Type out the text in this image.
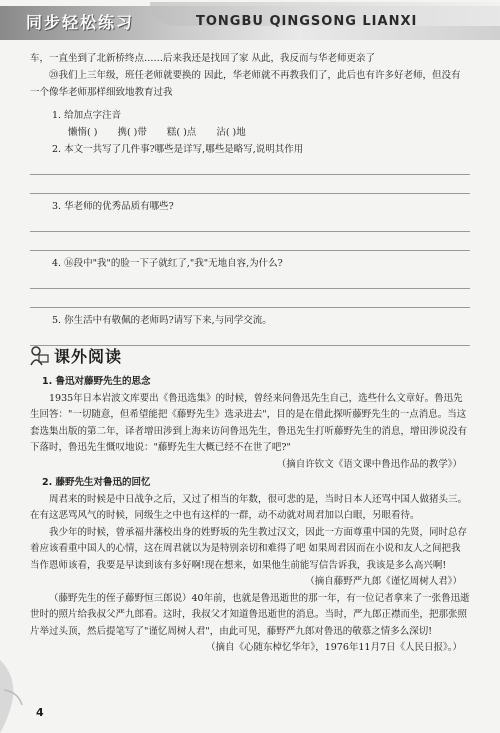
同步轻松练习	TONGBU QINGSONG LIANXI

车，一直坐到了北新桥终点……后来我还是找回了家 从此，我反而与华老师更亲了

⑳我们上三年级，班任老师就要换的 因此，华老师就不再教我们了，此后也有许多好老师，但没有一个像华老师那样细致地教育过我

1. 给加点字注音

懒惰( ) 携( )带 糕( )点 沾( )地

2. 本文一共写了几件事?哪些是详写,哪些是略写,说明其作用

3. 华老师的优秀品质有哪些?

4. ⑯段中"我"的脸一下子就红了,"我"无地自容,为什么?

5. 你生活中有敬佩的老师吗?请写下来,与同学交流。

课外阅读

1. 鲁迅对藤野先生的思念

1935年日本岩波文库要出《鲁迅选集》的时候，曾经来问鲁迅先生自己，选些什么文章好。鲁迅先生回答："一切随意，但希望能把《藤野先生》选录进去"，目的是在借此探听藤野先生的一点消息。当这套选集出版的第二年，译者增田涉到上海来访问鲁迅先生，鲁迅先生打听藤野先生的消息，增田涉说没有下落时，鲁迅先生慨叹地说："藤野先生大概已经不在世了吧?"

（摘自许钦文《语文课中鲁迅作品的教学》）

2. 藤野先生对鲁迅的回忆

周君来的时候是中日战争之后，又过了相当的年数，很可悲的是，当时日本人还骂中国人做猪头三。在有这恶骂风气的时候，同级生之中也有这样的一群，动不动就对周君加以白眼，另眼看待。

我少年的时候，曾承福井藩校出身的姓野坂的先生教过汉文，因此一方面尊重中国的先贤，同时总存着应该看重中国人的心情，这在周君就以为是特别亲切和难得了吧 如果周君因而在小说和友人之间把我当作恩师该看，我要是早读到该有多好啊!现在想来，如果他生前能写信告诉我，我该是多么高兴啊!

（摘自藤野严九郎《谨忆周树人君》）

（藤野先生的侄子藤野恒三郎说）40年前，也就是鲁迅逝世的那一年，有一位记者拿来了一张鲁迅逝世时的照片给我叔父严九郎看。这时，我叔父才知道鲁迅逝世的消息。当时，严九郎正襟而坐，把那张照片举过头顶，然后提笔写了"谨忆周树人君"，由此可见，藤野严九郎对鲁迅的敬慕之情多么深切!

（摘自《心随东棹忆华年》，1976年11月7日《人民日报》。）

4
